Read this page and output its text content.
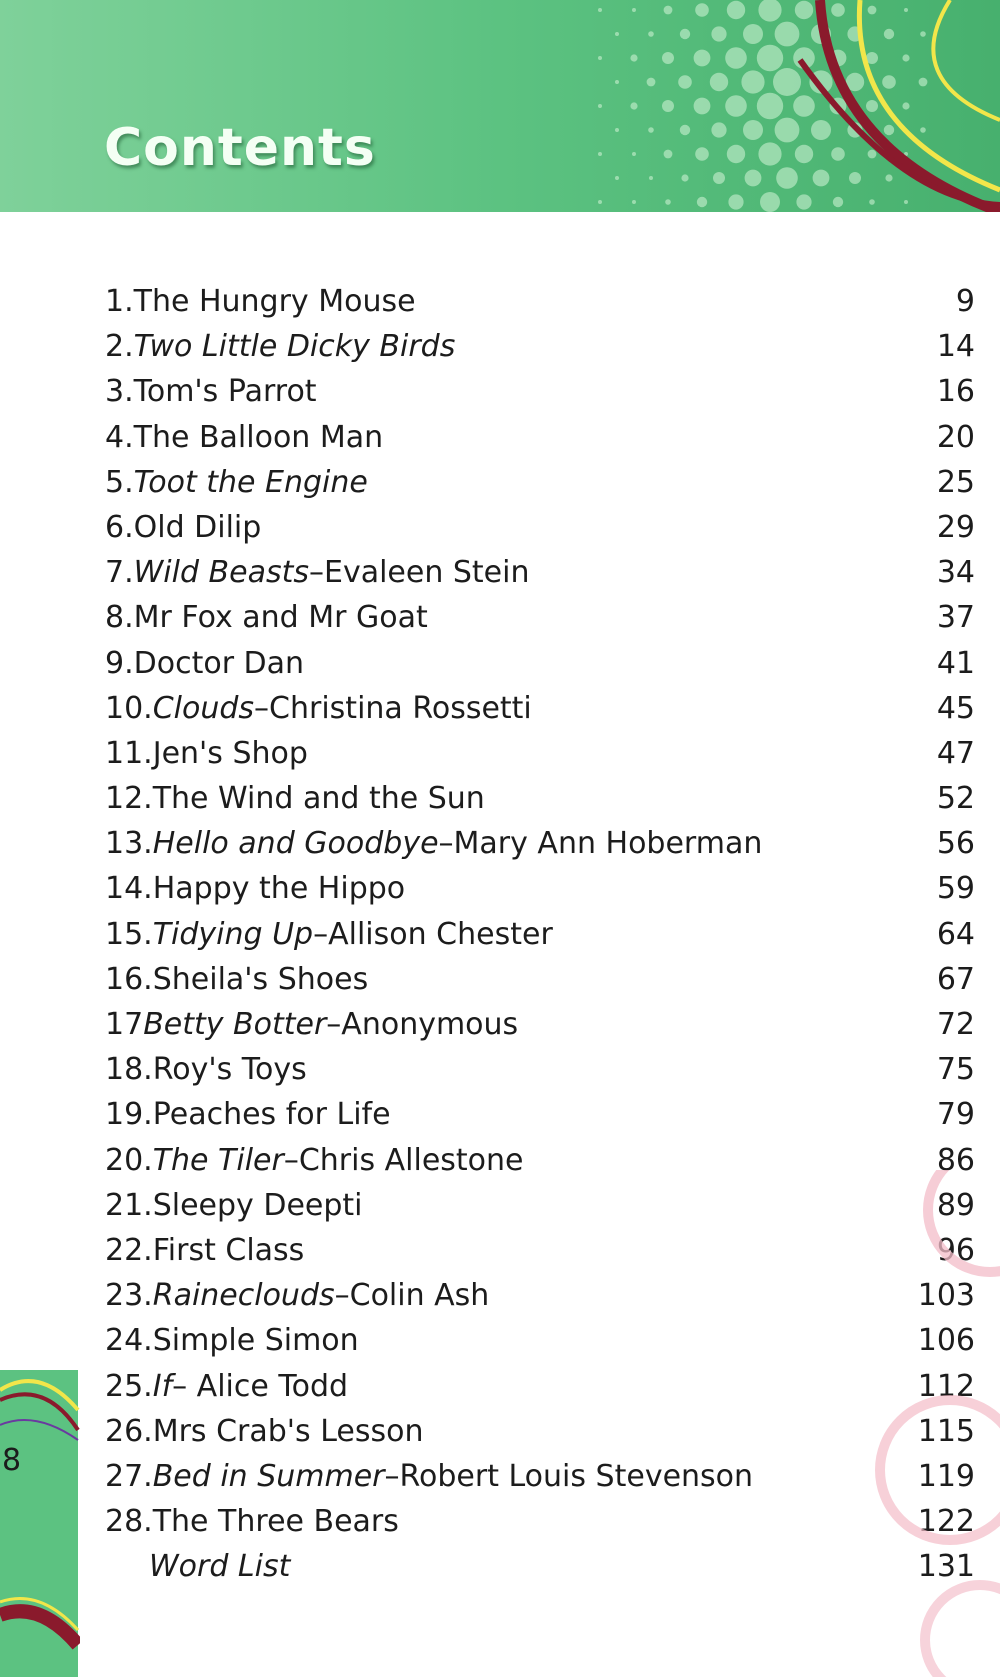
Contents
1.The Hungry Mouse	9
2.Two Little Dicky Birds	14
3.Tom's Parrot	16
4.The Balloon Man	20
5.Toot the Engine	25
6.Old Dilip	29
7.Wild Beasts–Evaleen Stein	34
8.Mr Fox and Mr Goat	37
9.Doctor Dan	41
10.Clouds–Christina Rossetti	45
11.Jen's Shop	47
12.The Wind and the Sun	52
13.Hello and Goodbye–Mary Ann Hoberman	56
14.Happy the Hippo	59
15.Tidying Up–Allison Chester	64
16.Sheila's Shoes	67
17Betty Botter–Anonymous	72
18.Roy's Toys	75
19.Peaches for Life	79
20.The Tiler–Chris Allestone	86
21.Sleepy Deepti	89
22.First Class	96
23.Raineclouds–Colin Ash	103
24.Simple Simon	106
25.If– Alice Todd	112
26.Mrs Crab's Lesson	115
27.Bed in Summer–Robert Louis Stevenson	119
28.The Three Bears	122
Word List	131
8
